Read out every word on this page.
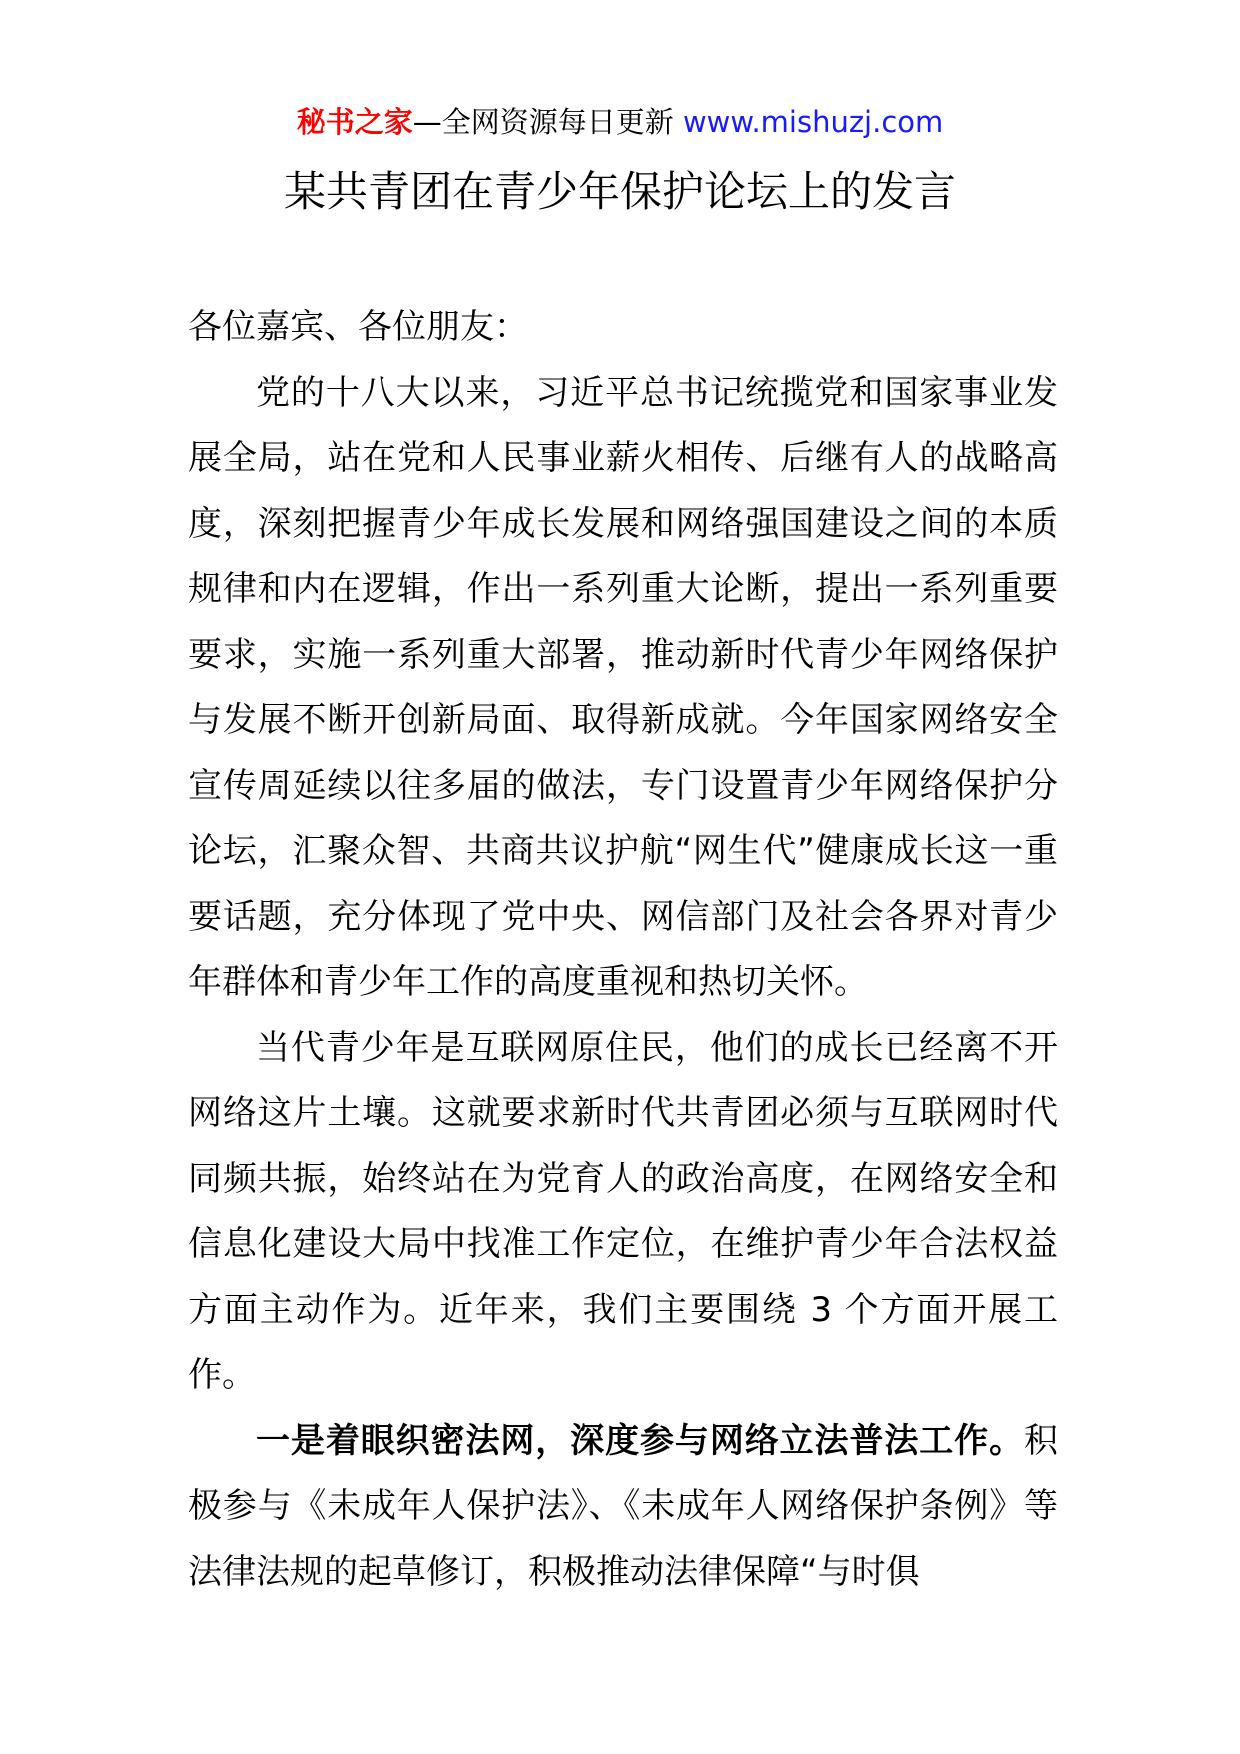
秘书之家—全网资源每日更新 www.mishuzj.com
某共青团在青少年保护论坛上的发言

各位嘉宾、各位朋友：

党的十八大以来，习近平总书记统揽党和国家事业发展全局，站在党和人民事业薪火相传、后继有人的战略高度，深刻把握青少年成长发展和网络强国建设之间的本质规律和内在逻辑，作出一系列重大论断，提出一系列重要要求，实施一系列重大部署，推动新时代青少年网络保护与发展不断开创新局面、取得新成就。今年国家网络安全宣传周延续以往多届的做法，专门设置青少年网络保护分论坛，汇聚众智、共商共议护航“网生代”健康成长这一重要话题，充分体现了党中央、网信部门及社会各界对青少年群体和青少年工作的高度重视和热切关怀。

当代青少年是互联网原住民，他们的成长已经离不开网络这片土壤。这就要求新时代共青团必须与互联网时代同频共振，始终站在为党育人的政治高度，在网络安全和信息化建设大局中找准工作定位，在维护青少年合法权益方面主动作为。近年来，我们主要围绕 3 个方面开展工作。

一是着眼织密法网，深度参与网络立法普法工作。积极参与《未成年人保护法》、《未成年人网络保护条例》等法律法规的起草修订，积极推动法律保障“与时俱
